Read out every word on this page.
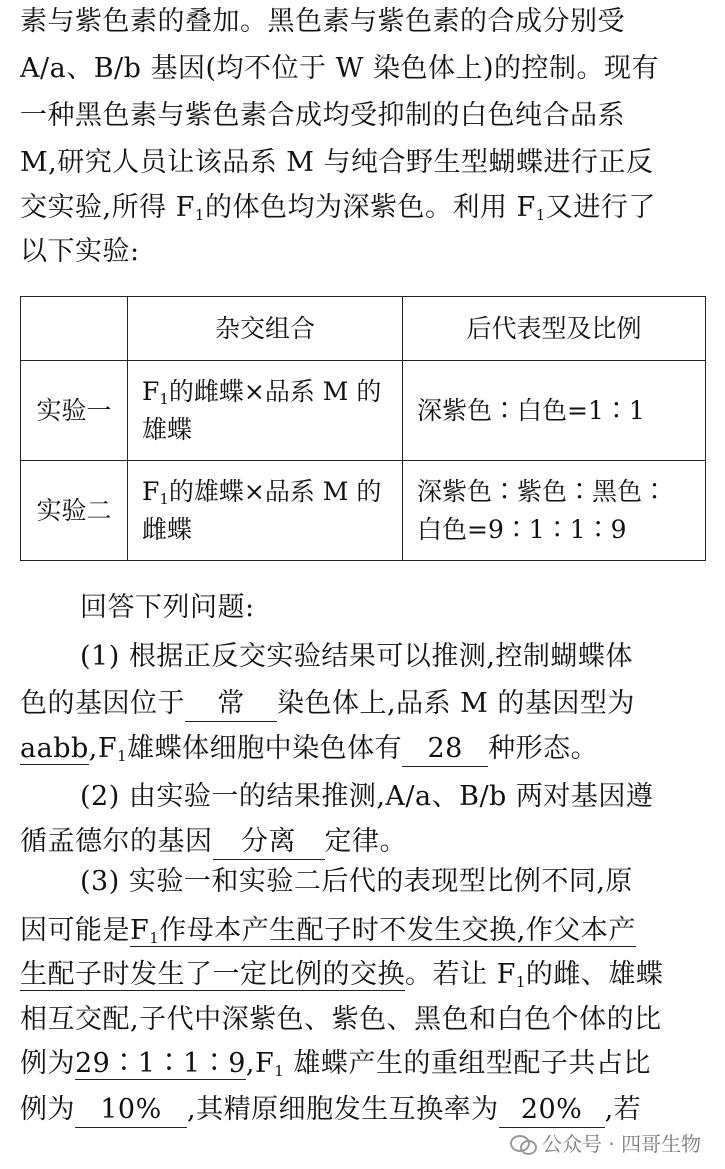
素与紫色素的叠加。黑色素与紫色素的合成分别受
A/a、B/b 基因(均不位于 W 染色体上)的控制。现有
一种黑色素与紫色素合成均受抑制的白色纯合品系
M,研究人员让该品系 M 与纯合野生型蝴蝶进行正反
交实验,所得 $F_1$的体色均为深紫色。利用 $F_1$又进行了
以下实验:
	杂交组合	后代表型及比例
实验一	$F_1$的雌蝶×品系 M 的
雄蝶	深紫色∶白色=1∶1
实验二	$F_1$的雄蝶×品系 M 的
雌蝶	深紫色∶紫色∶黑色∶
白色=9∶1∶1∶9
回答下列问题:
(1) 根据正反交实验结果可以推测,控制蝴蝶体
色的基因位于 常 染色体上,品系 M 的基因型为
$aabb,F_1$雄蝶体细胞中染色体有 28 种形态。
(2) 由实验一的结果推测,A/a、B/b 两对基因遵
循孟德尔的基因 分离 定律。
(3) 实验一和实验二后代的表现型比例不同,原
因可能是$F_1$作母本产生配子时不发生交换,作父本产
生配子时发生了一定比例的交换。若让 $F_1$的雌、雄蝶
相互交配,子代中深紫色、紫色、黑色和白色个体的比
例为$29∶1∶1∶9,F_1$ 雄蝶产生的重组型配子共占比
例为 10% ,其精原细胞发生互换率为 20% ,若
公众号 · 四哥生物
